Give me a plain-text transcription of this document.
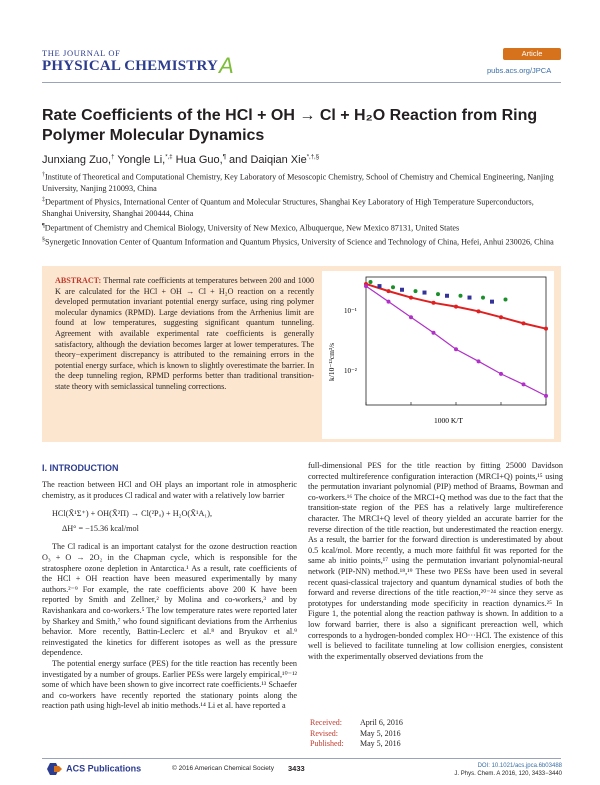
THE JOURNAL OF
PHYSICAL CHEMISTRY A	Article
pubs.acs.org/JPCA
Rate Coefficients of the HCl + OH → Cl + H₂O Reaction from Ring Polymer Molecular Dynamics
Junxiang Zuo,† Yongle Li,*,‡ Hua Guo,¶ and Daiqian Xie*,†,§
†Institute of Theoretical and Computational Chemistry, Key Laboratory of Mesoscopic Chemistry, School of Chemistry and Chemical Engineering, Nanjing University, Nanjing 210093, China
‡Department of Physics, International Center of Quantum and Molecular Structures, Shanghai Key Laboratory of High Temperature Superconductors, Shanghai University, Shanghai 200444, China
¶Department of Chemistry and Chemical Biology, University of New Mexico, Albuquerque, New Mexico 87131, United States
§Synergetic Innovation Center of Quantum Information and Quantum Physics, University of Science and Technology of China, Hefei, Anhui 230026, China
ABSTRACT: Thermal rate coefficients at temperatures between 200 and 1000 K are calculated for the HCl + OH → Cl + H₂O reaction on a recently developed permutation invariant potential energy surface, using ring polymer molecular dynamics (RPMD). Large deviations from the Arrhenius limit are found at low temperatures, suggesting significant quantum tunneling. Agreement with available experimental rate coefficients is generally satisfactory, although the deviation becomes larger at lower temperatures. The theory−experiment discrepancy is attributed to the remaining errors in the potential energy surface, which is known to slightly overestimate the barrier. In the deep tunneling region, RPMD performs better than traditional transition-state theory with semiclassical tunneling corrections.
10⁻¹
10⁻²
k/10⁻¹³cm³/s
1000 K/T
I. INTRODUCTION

The reaction between HCl and OH plays an important role in atmospheric chemistry, as it produces Cl radical and water with a relatively low barrier

HCl(X̃¹Σ⁺) + OH(X̃²Π) → Cl(²Pᵤ) + H₂O(X̃¹A₁),
ΔH° = −15.36 kcal/mol

The Cl radical is an important catalyst for the ozone destruction reaction O₃ + O → 2O₂ in the Chapman cycle, which is responsible for the stratosphere ozone depletion in Antarctica.¹ As a result, rate coefficients of the HCl + OH reaction have been measured experimentally by many authors.²⁻⁹ For example, the rate coefficients above 200 K have been reported by Smith and Zellner,² by Molina and co-workers,³ and by Ravishankara and co-workers.⁵ The low temperature rates were reported later by Sharkey and Smith,⁷ who found significant deviations from the Arrhenius behavior. More recently, Battin-Leclerc et al.⁸ and Bryukov et al.⁹ reinvestigated the kinetics for different isotopes as well as the pressure dependence.

The potential energy surface (PES) for the title reaction has recently been investigated by a number of groups. Earlier PESs were largely empirical,¹⁰⁻¹² some of which have been shown to give incorrect rate coefficients.¹³ Schaefer and co-workers have recently reported the stationary points along the reaction path using high-level ab initio methods.¹⁴ Li et al. have reported a

full-dimensional PES for the title reaction by fitting 25000 Davidson corrected multireference configuration interaction (MRCI+Q) points,¹⁵ using the permutation invariant polynomial (PIP) method of Braams, Bowman and co-workers.¹⁶ The choice of the MRCI+Q method was due to the fact that the transition-state region of the PES has a relatively large multireference character. The MRCI+Q level of theory yielded an accurate barrier for the reverse direction of the title reaction, but underestimated the reaction energy. As a result, the barrier for the forward direction is underestimated by about 0.5 kcal/mol. More recently, a much more faithful fit was reported for the same ab initio points,¹⁷ using the permutation invariant polynomial-neural network (PIP-NN) method.¹⁸,¹⁹ These two PESs have been used in several recent quasi-classical trajectory and quantum dynamical studies of both the forward and reverse directions of the title reaction,²⁰⁻²⁴ since they serve as prototypes for understanding mode specificity in reaction dynamics.²⁵ In Figure 1, the potential along the reaction pathway is shown. In addition to a low forward barrier, there is also a significant prereaction well, which corresponds to a hydrogen-bonded complex HO···HCl. The existence of this well is believed to facilitate tunneling at low collision energies, consistent with the experimentally observed deviations from the

Received: April 6, 2016
Revised:	May 5, 2016
Published: May 5, 2016
ACS Publications	© 2016 American Chemical Society 3433	DOI: 10.1021/acs.jpca.6b03488
J. Phys. Chem. A 2016, 120, 3433−3440
